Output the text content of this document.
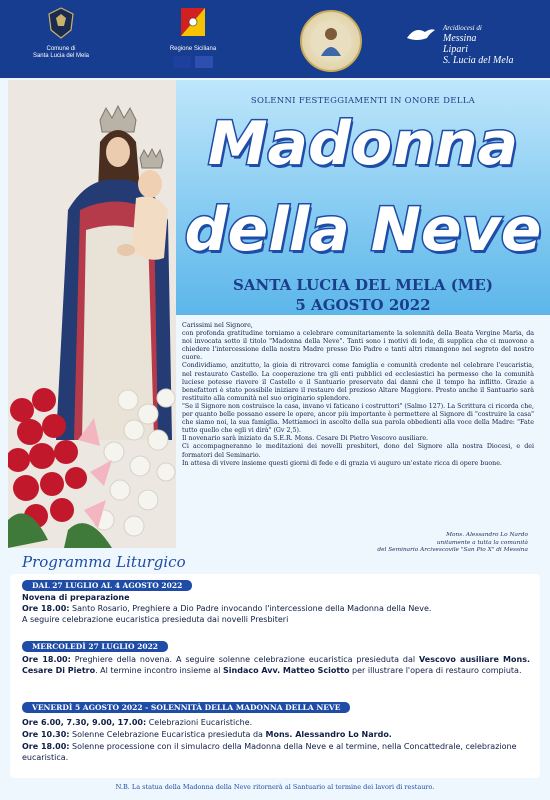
Comune di
Santa Lucia del Mela
Regione Siciliana
Arcidiocesi di
Messina
Lipari
S. Lucia del Mela
SOLENNI FESTEGGIAMENTI IN ONORE DELLA
Madonna
della Neve
SANTA LUCIA DEL MELA (ME)
5 AGOSTO 2022

Carissimi nel Signore,

con profonda gratitudine torniamo a celebrare comunitariamente la solennità della Beata Vergine Maria, da noi invocata sotto il titolo "Madonna della Neve". Tanti sono i motivi di lode, di supplica che ci muovono a chiedere l'intercessione della nostra Madre presso Dio Padre e tanti altri rimangono nel segreto del nostro cuore.

Condividiamo, anzitutto, la gioia di ritrovarci come famiglia e comunità credente nel celebrare l'eucaristia, nel restaurato Castello. La cooperazione tra gli enti pubblici ed ecclesiastici ha permesso che la comunità luciese potesse riavere il Castello e il Santuario preservato dai danni che il tempo ha inflitto. Grazie a benefattori è stato possibile iniziare il restauro del prezioso Altare Maggiore. Presto anche il Santuario sarà restituito alla comunità nel suo originario splendore.

"Se il Signore non costruisce la casa, invano vi faticano i costruttori" (Salmo 127). La Scrittura ci ricorda che, per quanto belle possano essere le opere, ancor più importante è permettere al Signore di "costruire la casa" che siamo noi, la sua famiglia. Mettiamoci in ascolto della sua parola obbedienti alla voce della Madre: "Fate tutto quello che egli vi dirà" (Gv 2,5).

Il novenario sarà iniziato da S.E.R. Mons. Cesare Di Pietro Vescovo ausiliare.

Ci accompagneranno le meditazioni dei novelli presbiteri, dono del Signore alla nostra Diocesi, e dei formatori del Seminario.

In attesa di vivere insieme questi giorni di fede e di grazia vi auguro un'estate ricca di opere buone.

Mons. Alessandro Lo Nardo
unitamente a tutta la comunità
del Seminario Arcivescovile "San Pio X" di Messina
Programma Liturgico
DAL 27 LUGLIO AL 4 AGOSTO 2022
Novena di preparazione
Ore 18.00: Santo Rosario, Preghiere a Dio Padre invocando l'intercessione della Madonna della Neve.
A seguire celebrazione eucaristica presieduta dai novelli Presbiteri
MERCOLEDÌ 27 LUGLIO 2022
Ore 18.00: Preghiere della novena. A seguire solenne celebrazione eucaristica presieduta dal Vescovo ausiliare Mons. Cesare Di Pietro. Al termine incontro insieme al Sindaco Avv. Matteo Sciotto per illustrare l'opera di restauro compiuta.
VENERDÌ 5 AGOSTO 2022 - SOLENNITÀ DELLA MADONNA DELLA NEVE
Ore 6.00, 7.30, 9.00, 17.00: Celebrazioni Eucaristiche.
Ore 10.30: Solenne Celebrazione Eucaristica presieduta da Mons. Alessandro Lo Nardo.
Ore 18.00: Solenne processione con il simulacro della Madonna della Neve e al termine, nella Concattedrale, celebrazione eucaristica.
N.B. La statua della Madonna della Neve ritornerà al Santuario al termine dei lavori di restauro.
